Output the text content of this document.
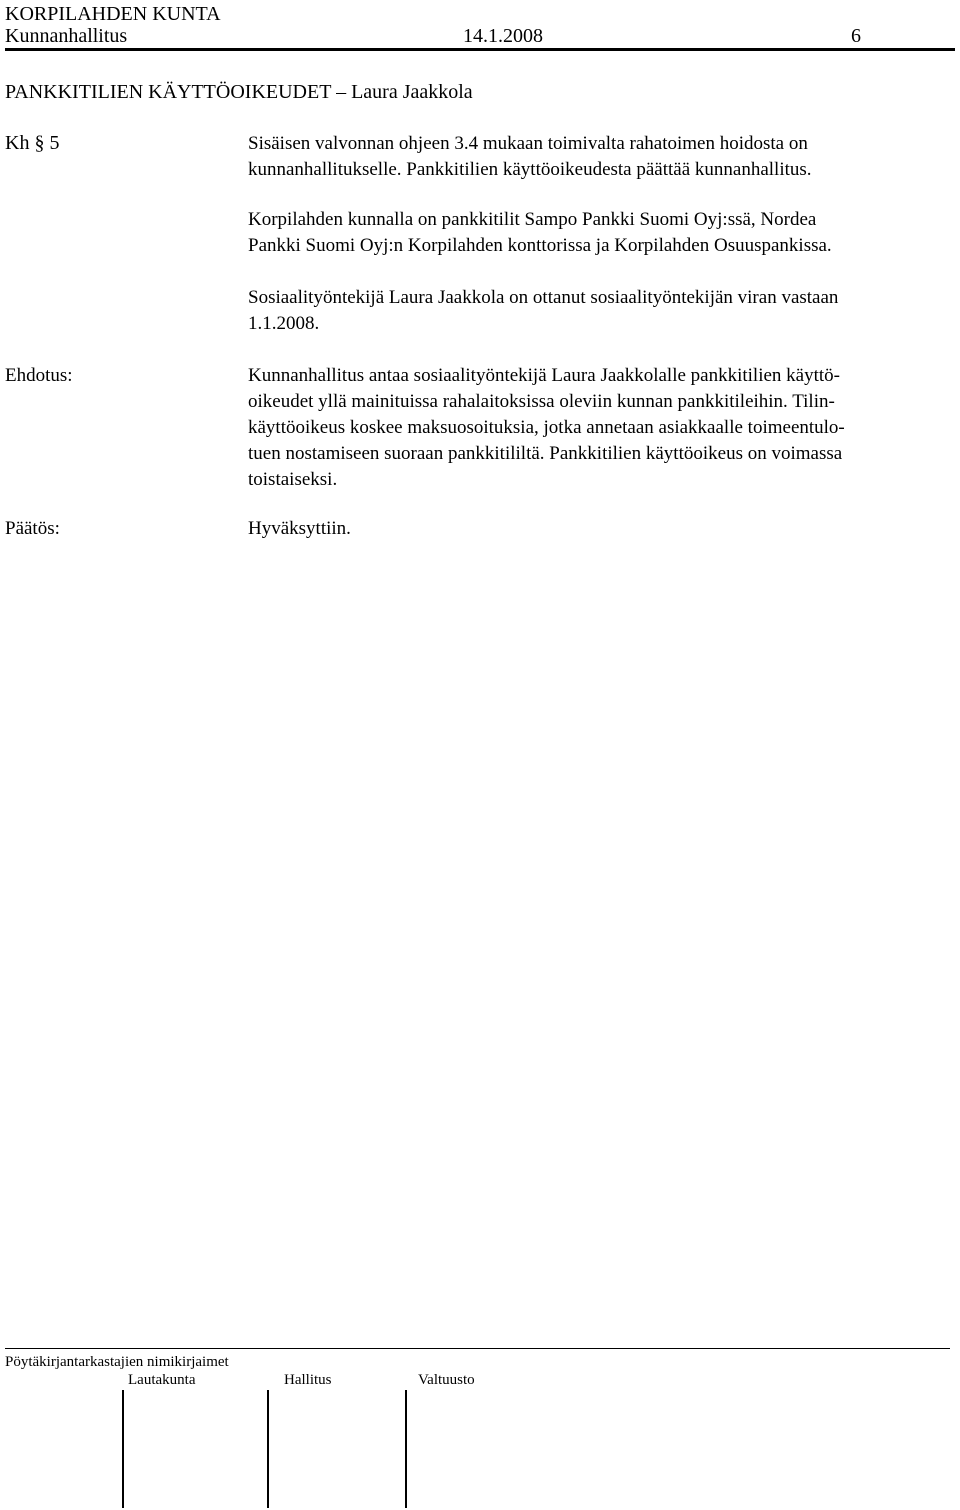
KORPILAHDEN KUNTA
Kunnanhallitus	14.1.2008	6
PANKKITILIEN KÄYTTÖOIKEUDET – Laura Jaakkola
Kh § 5	Sisäisen valvonnan ohjeen 3.4 mukaan toimivalta rahatoimen hoidosta on
kunnanhallitukselle. Pankkitilien käyttöoikeudesta päättää kunnanhallitus.
Korpilahden kunnalla on pankkitilit Sampo Pankki Suomi Oyj:ssä, Nordea
Pankki Suomi Oyj:n Korpilahden konttorissa ja Korpilahden Osuuspankissa.
Sosiaalityöntekijä Laura Jaakkola on ottanut sosiaalityöntekijän viran vastaan
1.1.2008.
Ehdotus:	Kunnanhallitus antaa sosiaalityöntekijä Laura Jaakkolalle pankkitilien käyttö-
oikeudet yllä mainituissa rahalaitoksissa oleviin kunnan pankkitileihin. Tilin-
käyttöoikeus koskee maksuosoituksia, jotka annetaan asiakkaalle toimeentulo-
tuen nostamiseen suoraan pankkitililtä. Pankkitilien käyttöoikeus on voimassa
toistaiseksi.
Päätös:	Hyväksyttiin.
Pöytäkirjantarkastajien nimikirjaimet
Lautakunta	Hallitus	Valtuusto
